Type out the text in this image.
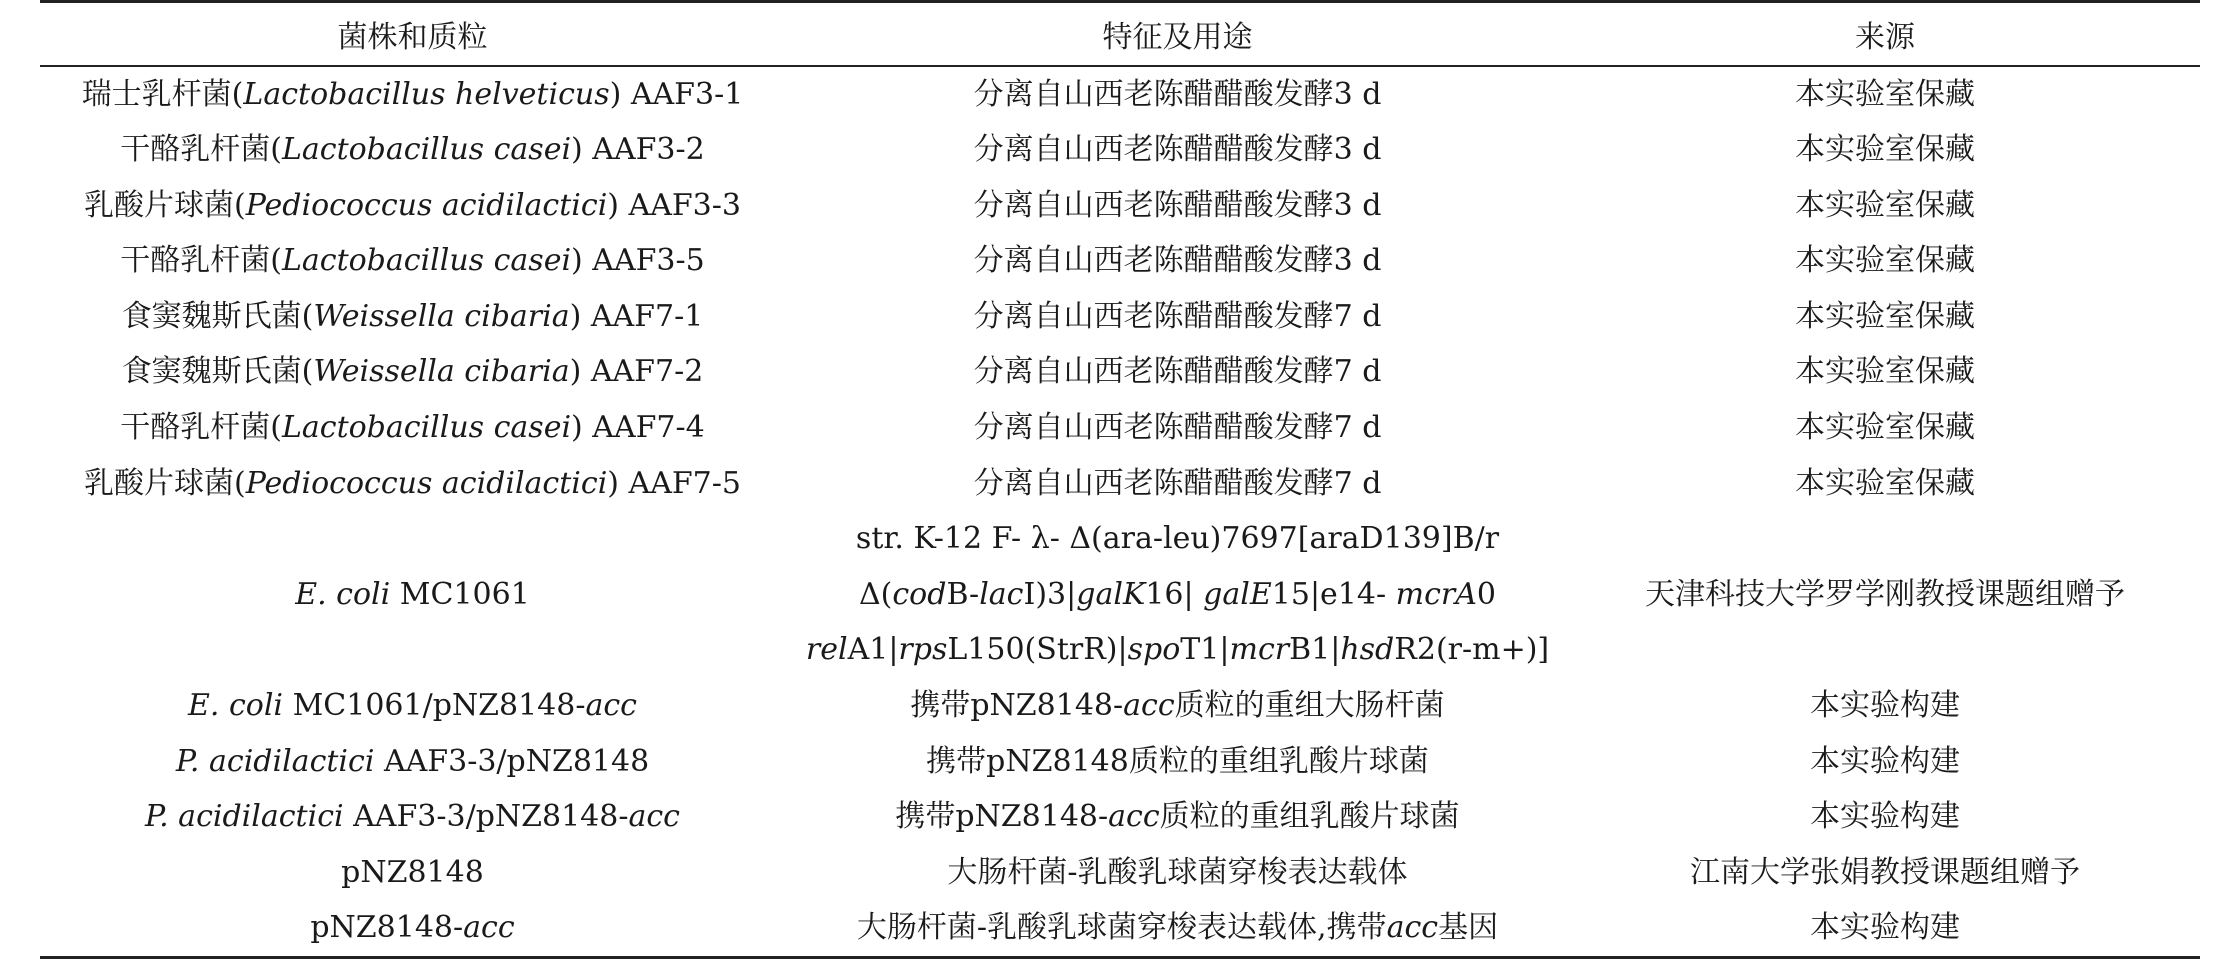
菌株和质粒	特征及用途	来源
瑞士乳杆菌(Lactobacillus helveticus) AAF3-1	分离自山西老陈醋醋酸发酵3 d	本实验室保藏
干酪乳杆菌(Lactobacillus casei) AAF3-2	分离自山西老陈醋醋酸发酵3 d	本实验室保藏
乳酸片球菌(Pediococcus acidilactici) AAF3-3	分离自山西老陈醋醋酸发酵3 d	本实验室保藏
干酪乳杆菌(Lactobacillus casei) AAF3-5	分离自山西老陈醋醋酸发酵3 d	本实验室保藏
食窦魏斯氏菌(Weissella cibaria) AAF7-1	分离自山西老陈醋醋酸发酵7 d	本实验室保藏
食窦魏斯氏菌(Weissella cibaria) AAF7-2	分离自山西老陈醋醋酸发酵7 d	本实验室保藏
干酪乳杆菌(Lactobacillus casei) AAF7-4	分离自山西老陈醋醋酸发酵7 d	本实验室保藏
乳酸片球菌(Pediococcus acidilactici) AAF7-5	分离自山西老陈醋醋酸发酵7 d	本实验室保藏
E. coli MC1061	str. K-12 F- λ- Δ(ara-leu)7697[araD139]B/r
Δ(codB-lacI)3|galK16| galE15|e14- mcrA0
relA1|rpsL150(StrR)|spoT1|mcrB1|hsdR2(r-m+)]	天津科技大学罗学刚教授课题组赠予
E. coli MC1061/pNZ8148-acc	携带pNZ8148-acc质粒的重组大肠杆菌	本实验构建
P. acidilactici AAF3-3/pNZ8148	携带pNZ8148质粒的重组乳酸片球菌	本实验构建
P. acidilactici AAF3-3/pNZ8148-acc	携带pNZ8148-acc质粒的重组乳酸片球菌	本实验构建
pNZ8148	大肠杆菌-乳酸乳球菌穿梭表达载体	江南大学张娟教授课题组赠予
pNZ8148-acc	大肠杆菌-乳酸乳球菌穿梭表达载体,携带acc基因	本实验构建
